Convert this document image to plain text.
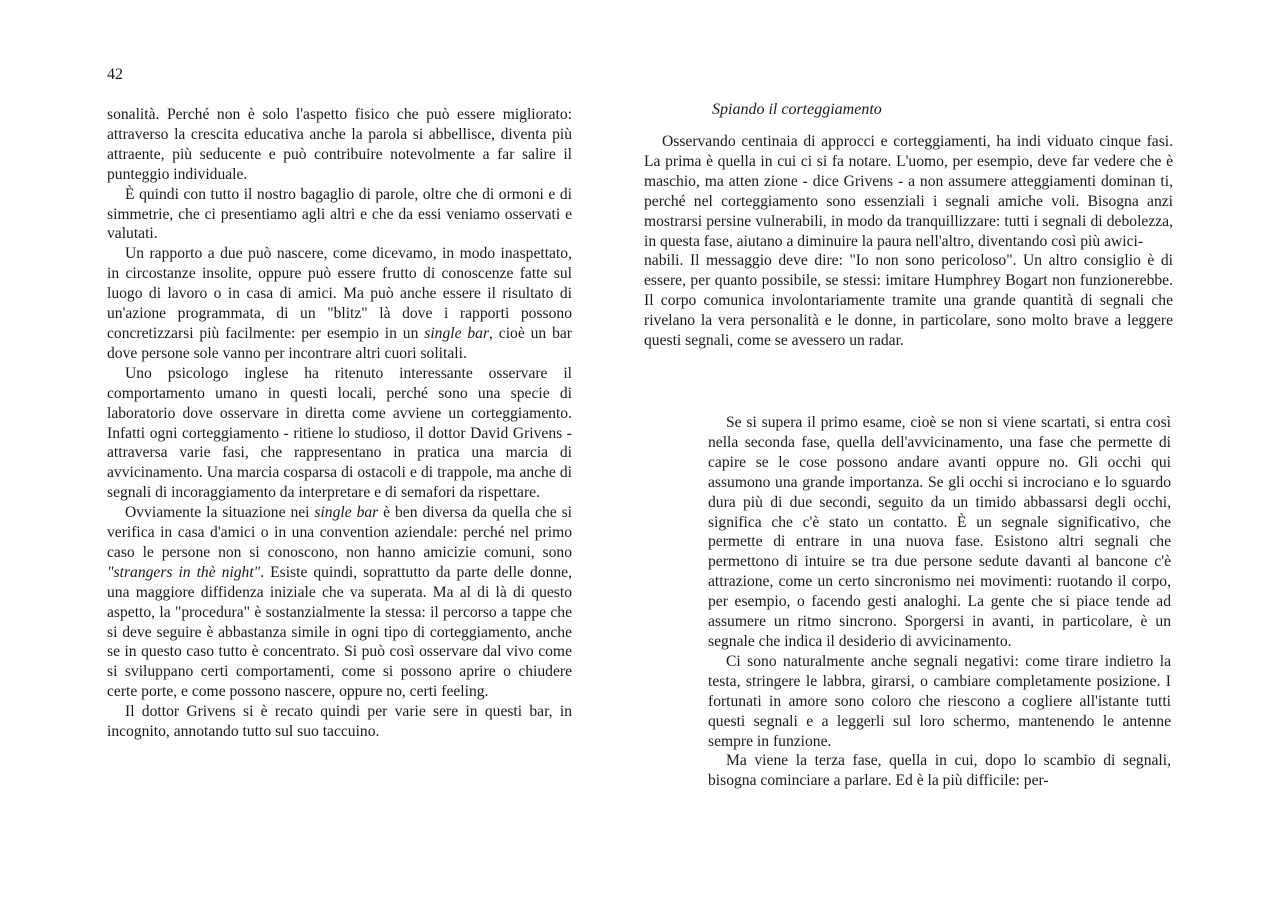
42

sonalità. Perché non è solo l'aspetto fisico che può essere migliorato: attraverso la crescita educativa anche la parola si abbellisce, diventa più attraente, più seducente e può contribuire notevolmente a far salire il punteggio individuale.

È quindi con tutto il nostro bagaglio di parole, oltre che di ormoni e di simmetrie, che ci presentiamo agli altri e che da essi veniamo osservati e valutati.

Un rapporto a due può nascere, come dicevamo, in modo inaspettato, in circostanze insolite, oppure può essere frutto di conoscenze fatte sul luogo di lavoro o in casa di amici. Ma può anche essere il risultato di un'azione programmata, di un "blitz" là dove i rapporti possono concretizzarsi più facilmente: per esempio in un single bar, cioè un bar dove persone sole vanno per incontrare altri cuori solitali.

Uno psicologo inglese ha ritenuto interessante osservare il comportamento umano in questi locali, perché sono una specie di laboratorio dove osservare in diretta come avviene un corteggiamento. Infatti ogni corteggiamento - ritiene lo studioso, il dottor David Grivens - attraversa varie fasi, che rappresentano in pratica una marcia di avvicinamento. Una marcia cosparsa di ostacoli e di trappole, ma anche di segnali di incoraggiamento da interpretare e di semafori da rispettare.

Ovviamente la situazione nei single bar è ben diversa da quella che si verifica in casa d'amici o in una convention aziendale: perché nel primo caso le persone non si conoscono, non hanno amicizie comuni, sono "strangers in thè night". Esiste quindi, soprattutto da parte delle donne, una maggiore diffidenza iniziale che va superata. Ma al di là di questo aspetto, la "procedura" è sostanzialmente la stessa: il percorso a tappe che si deve seguire è abbastanza simile in ogni tipo di corteggiamento, anche se in questo caso tutto è concentrato. Si può così osservare dal vivo come si sviluppano certi comportamenti, come si possono aprire o chiudere certe porte, e come possono nascere, oppure no, certi feeling.

Il dottor Grivens si è recato quindi per varie sere in questi bar, in incognito, annotando tutto sul suo taccuino.

Spiando il corteggiamento

Osservando centinaia di approcci e corteggiamenti, ha indi viduato cinque fasi. La prima è quella in cui ci si fa notare. L'uomo, per esempio, deve far vedere che è maschio, ma atten zione - dice Grivens - a non assumere atteggiamenti dominan ti, perché nel corteggiamento sono essenziali i segnali amiche voli. Bisogna anzi mostrarsi persine vulnerabili, in modo da tranquillizzare: tutti i segnali di debolezza, in questa fase, aiutano a diminuire la paura nell'altro, diventando così più awici-

nabili. Il messaggio deve dire: "Io non sono pericoloso". Un altro consiglio è di essere, per quanto possibile, se stessi: imitare Humphrey Bogart non funzionerebbe. Il corpo comunica involontariamente tramite una grande quantità di segnali che rivelano la vera personalità e le donne, in particolare, sono molto brave a leggere questi segnali, come se avessero un radar.

Se si supera il primo esame, cioè se non si viene scartati, si entra così nella seconda fase, quella dell'avvicinamento, una fase che permette di capire se le cose possono andare avanti oppure no. Gli occhi qui assumono una grande importanza. Se gli occhi si incrociano e lo sguardo dura più di due secondi, seguito da un timido abbassarsi degli occhi, significa che c'è stato un contatto. È un segnale significativo, che permette di entrare in una nuova fase. Esistono altri segnali che permettono di intuire se tra due persone sedute davanti al bancone c'è attrazione, come un certo sincronismo nei movimenti: ruotando il corpo, per esempio, o facendo gesti analoghi. La gente che si piace tende ad assumere un ritmo sincrono. Sporgersi in avanti, in particolare, è un segnale che indica il desiderio di avvicinamento.

Ci sono naturalmente anche segnali negativi: come tirare indietro la testa, stringere le labbra, girarsi, o cambiare completamente posizione. I fortunati in amore sono coloro che riescono a cogliere all'istante tutti questi segnali e a leggerli sul loro schermo, mantenendo le antenne sempre in funzione.

Ma viene la terza fase, quella in cui, dopo lo scambio di segnali, bisogna cominciare a parlare. Ed è la più difficile: per-
